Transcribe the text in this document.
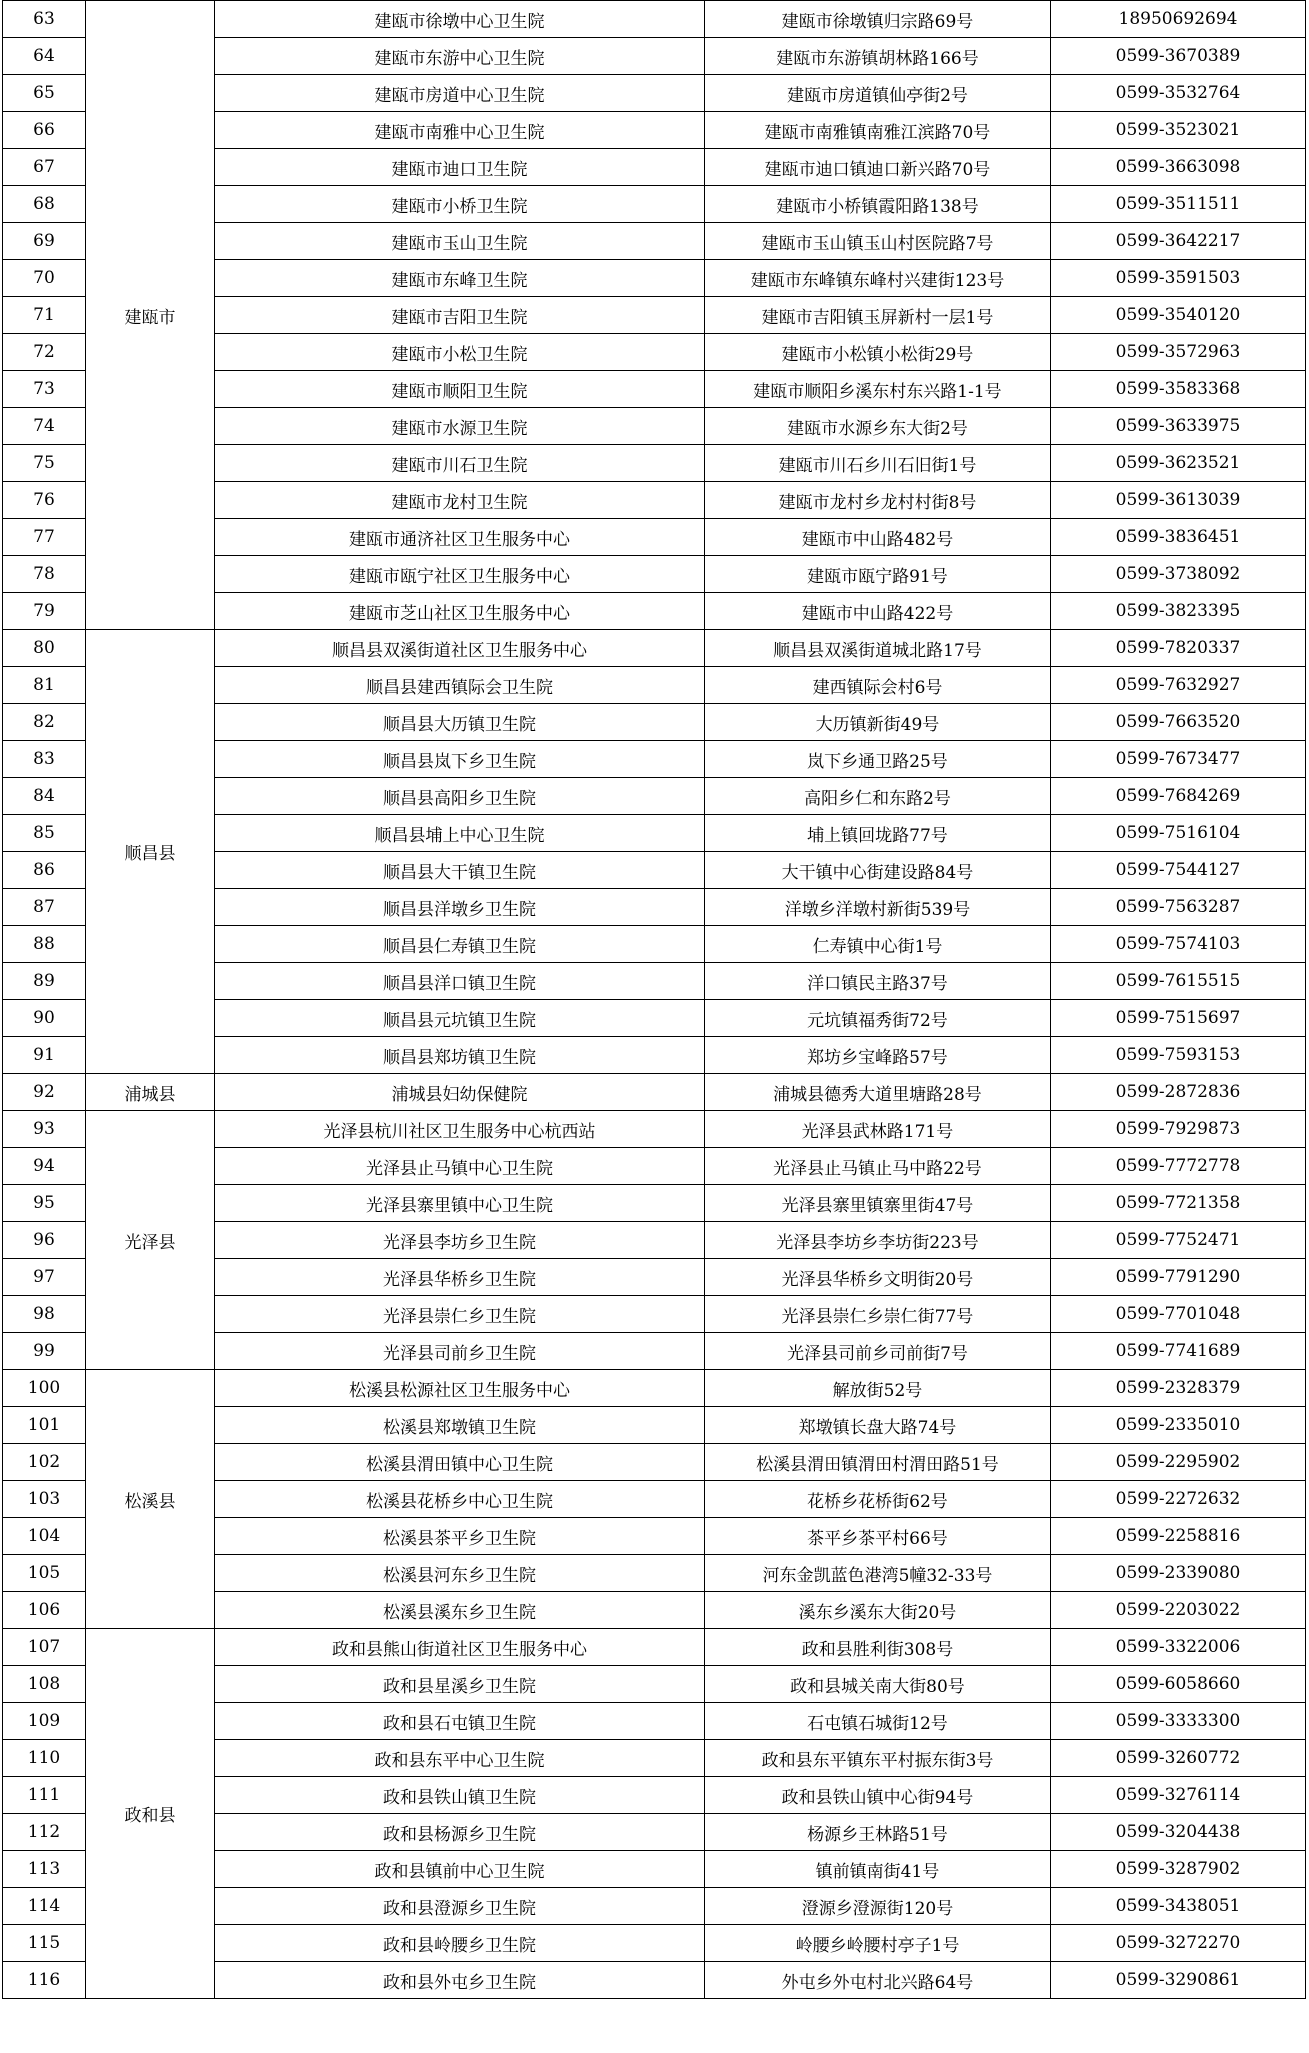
63	建瓯市	建瓯市徐墩中心卫生院	建瓯市徐墩镇归宗路69号	18950692694
64		建瓯市东游中心卫生院	建瓯市东游镇胡林路166号	0599-3670389
65		建瓯市房道中心卫生院	建瓯市房道镇仙亭街2号	0599-3532764
66		建瓯市南雅中心卫生院	建瓯市南雅镇南雅江滨路70号	0599-3523021
67		建瓯市迪口卫生院	建瓯市迪口镇迪口新兴路70号	0599-3663098
68		建瓯市小桥卫生院	建瓯市小桥镇霞阳路138号	0599-3511511
69		建瓯市玉山卫生院	建瓯市玉山镇玉山村医院路7号	0599-3642217
70		建瓯市东峰卫生院	建瓯市东峰镇东峰村兴建街123号	0599-3591503
71		建瓯市吉阳卫生院	建瓯市吉阳镇玉屏新村一层1号	0599-3540120
72		建瓯市小松卫生院	建瓯市小松镇小松街29号	0599-3572963
73		建瓯市顺阳卫生院	建瓯市顺阳乡溪东村东兴路1-1号	0599-3583368
74		建瓯市水源卫生院	建瓯市水源乡东大街2号	0599-3633975
75		建瓯市川石卫生院	建瓯市川石乡川石旧街1号	0599-3623521
76		建瓯市龙村卫生院	建瓯市龙村乡龙村村街8号	0599-3613039
77		建瓯市通济社区卫生服务中心	建瓯市中山路482号	0599-3836451
78		建瓯市瓯宁社区卫生服务中心	建瓯市瓯宁路91号	0599-3738092
79		建瓯市芝山社区卫生服务中心	建瓯市中山路422号	0599-3823395
80	顺昌县	顺昌县双溪街道社区卫生服务中心	顺昌县双溪街道城北路17号	0599-7820337
81		顺昌县建西镇际会卫生院	建西镇际会村6号	0599-7632927
82		顺昌县大历镇卫生院	大历镇新街49号	0599-7663520
83		顺昌县岚下乡卫生院	岚下乡通卫路25号	0599-7673477
84		顺昌县高阳乡卫生院	高阳乡仁和东路2号	0599-7684269
85		顺昌县埔上中心卫生院	埔上镇回垅路77号	0599-7516104
86		顺昌县大干镇卫生院	大干镇中心街建设路84号	0599-7544127
87		顺昌县洋墩乡卫生院	洋墩乡洋墩村新街539号	0599-7563287
88		顺昌县仁寿镇卫生院	仁寿镇中心街1号	0599-7574103
89		顺昌县洋口镇卫生院	洋口镇民主路37号	0599-7615515
90		顺昌县元坑镇卫生院	元坑镇福秀街72号	0599-7515697
91		顺昌县郑坊镇卫生院	郑坊乡宝峰路57号	0599-7593153
92	浦城县	浦城县妇幼保健院	浦城县德秀大道里塘路28号	0599-2872836
93	光泽县	光泽县杭川社区卫生服务中心杭西站	光泽县武林路171号	0599-7929873
94		光泽县止马镇中心卫生院	光泽县止马镇止马中路22号	0599-7772778
95		光泽县寨里镇中心卫生院	光泽县寨里镇寨里街47号	0599-7721358
96		光泽县李坊乡卫生院	光泽县李坊乡李坊街223号	0599-7752471
97		光泽县华桥乡卫生院	光泽县华桥乡文明街20号	0599-7791290
98		光泽县崇仁乡卫生院	光泽县崇仁乡崇仁街77号	0599-7701048
99		光泽县司前乡卫生院	光泽县司前乡司前街7号	0599-7741689
100	松溪县	松溪县松源社区卫生服务中心	解放街52号	0599-2328379
101		松溪县郑墩镇卫生院	郑墩镇长盘大路74号	0599-2335010
102		松溪县渭田镇中心卫生院	松溪县渭田镇渭田村渭田路51号	0599-2295902
103		松溪县花桥乡中心卫生院	花桥乡花桥街62号	0599-2272632
104		松溪县茶平乡卫生院	茶平乡茶平村66号	0599-2258816
105		松溪县河东乡卫生院	河东金凯蓝色港湾5幢32-33号	0599-2339080
106		松溪县溪东乡卫生院	溪东乡溪东大街20号	0599-2203022
107	政和县	政和县熊山街道社区卫生服务中心	政和县胜利街308号	0599-3322006
108		政和县星溪乡卫生院	政和县城关南大街80号	0599-6058660
109		政和县石屯镇卫生院	石屯镇石城街12号	0599-3333300
110		政和县东平中心卫生院	政和县东平镇东平村振东街3号	0599-3260772
111		政和县铁山镇卫生院	政和县铁山镇中心街94号	0599-3276114
112		政和县杨源乡卫生院	杨源乡王林路51号	0599-3204438
113		政和县镇前中心卫生院	镇前镇南街41号	0599-3287902
114		政和县澄源乡卫生院	澄源乡澄源街120号	0599-3438051
115		政和县岭腰乡卫生院	岭腰乡岭腰村亭子1号	0599-3272270
116		政和县外屯乡卫生院	外屯乡外屯村北兴路64号	0599-3290861
